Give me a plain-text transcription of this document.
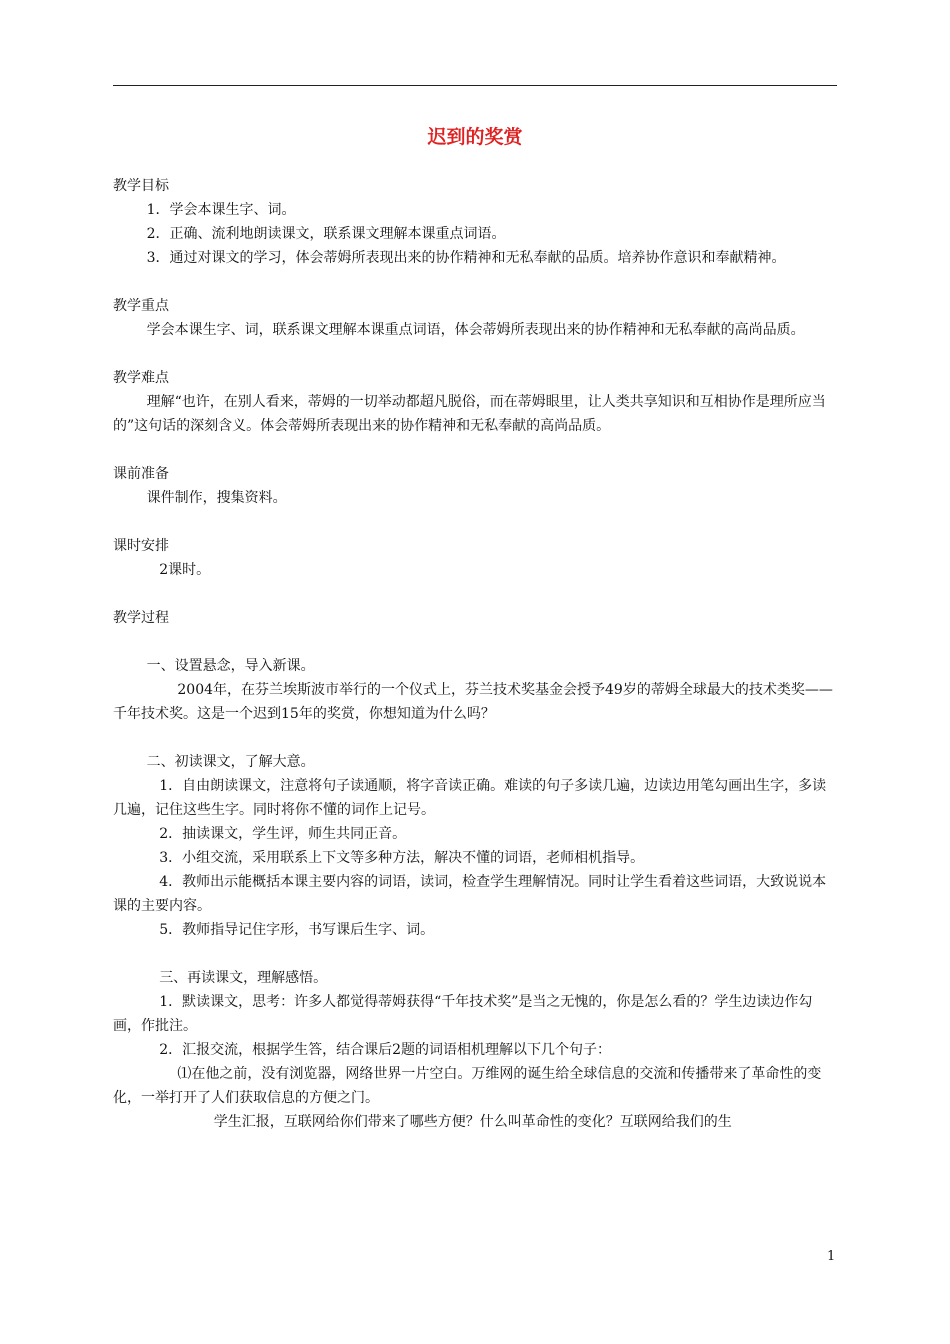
迟到的奖赏

教学目标

1．学会本课生字、词。

2．正确、流利地朗读课文，联系课文理解本课重点词语。

3．通过对课文的学习，体会蒂姆所表现出来的协作精神和无私奉献的品质。培养协作意识和奉献精神。

教学重点

学会本课生字、词，联系课文理解本课重点词语，体会蒂姆所表现出来的协作精神和无私奉献的高尚品质。

教学难点

理解“也许，在别人看来，蒂姆的一切举动都超凡脱俗，而在蒂姆眼里，让人类共享知识和互相协作是理所应当的”这句话的深刻含义。体会蒂姆所表现出来的协作精神和无私奉献的高尚品质。

课前准备

课件制作，搜集资料。

课时安排

2课时。

教学过程

一、设置悬念，导入新课。

2004年，在芬兰埃斯波市举行的一个仪式上，芬兰技术奖基金会授予49岁的蒂姆全球最大的技术类奖——千年技术奖。这是一个迟到15年的奖赏，你想知道为什么吗？

二、初读课文，了解大意。

1．自由朗读课文，注意将句子读通顺，将字音读正确。难读的句子多读几遍，边读边用笔勾画出生字，多读几遍，记住这些生字。同时将你不懂的词作上记号。

2．抽读课文，学生评，师生共同正音。

3．小组交流，采用联系上下文等多种方法，解决不懂的词语，老师相机指导。

4．教师出示能概括本课主要内容的词语，读词，检查学生理解情况。同时让学生看着这些词语，大致说说本课的主要内容。

5．教师指导记住字形，书写课后生字、词。

三、再读课文，理解感悟。

1．默读课文，思考：许多人都觉得蒂姆获得“千年技术奖”是当之无愧的，你是怎么看的？学生边读边作勾画，作批注。

2．汇报交流，根据学生答，结合课后2题的词语相机理解以下几个句子：

⑴在他之前，没有浏览器，网络世界一片空白。万维网的诞生给全球信息的交流和传播带来了革命性的变化，一举打开了人们获取信息的方便之门。

学生汇报，互联网给你们带来了哪些方便？什么叫革命性的变化？互联网给我们的生

1
